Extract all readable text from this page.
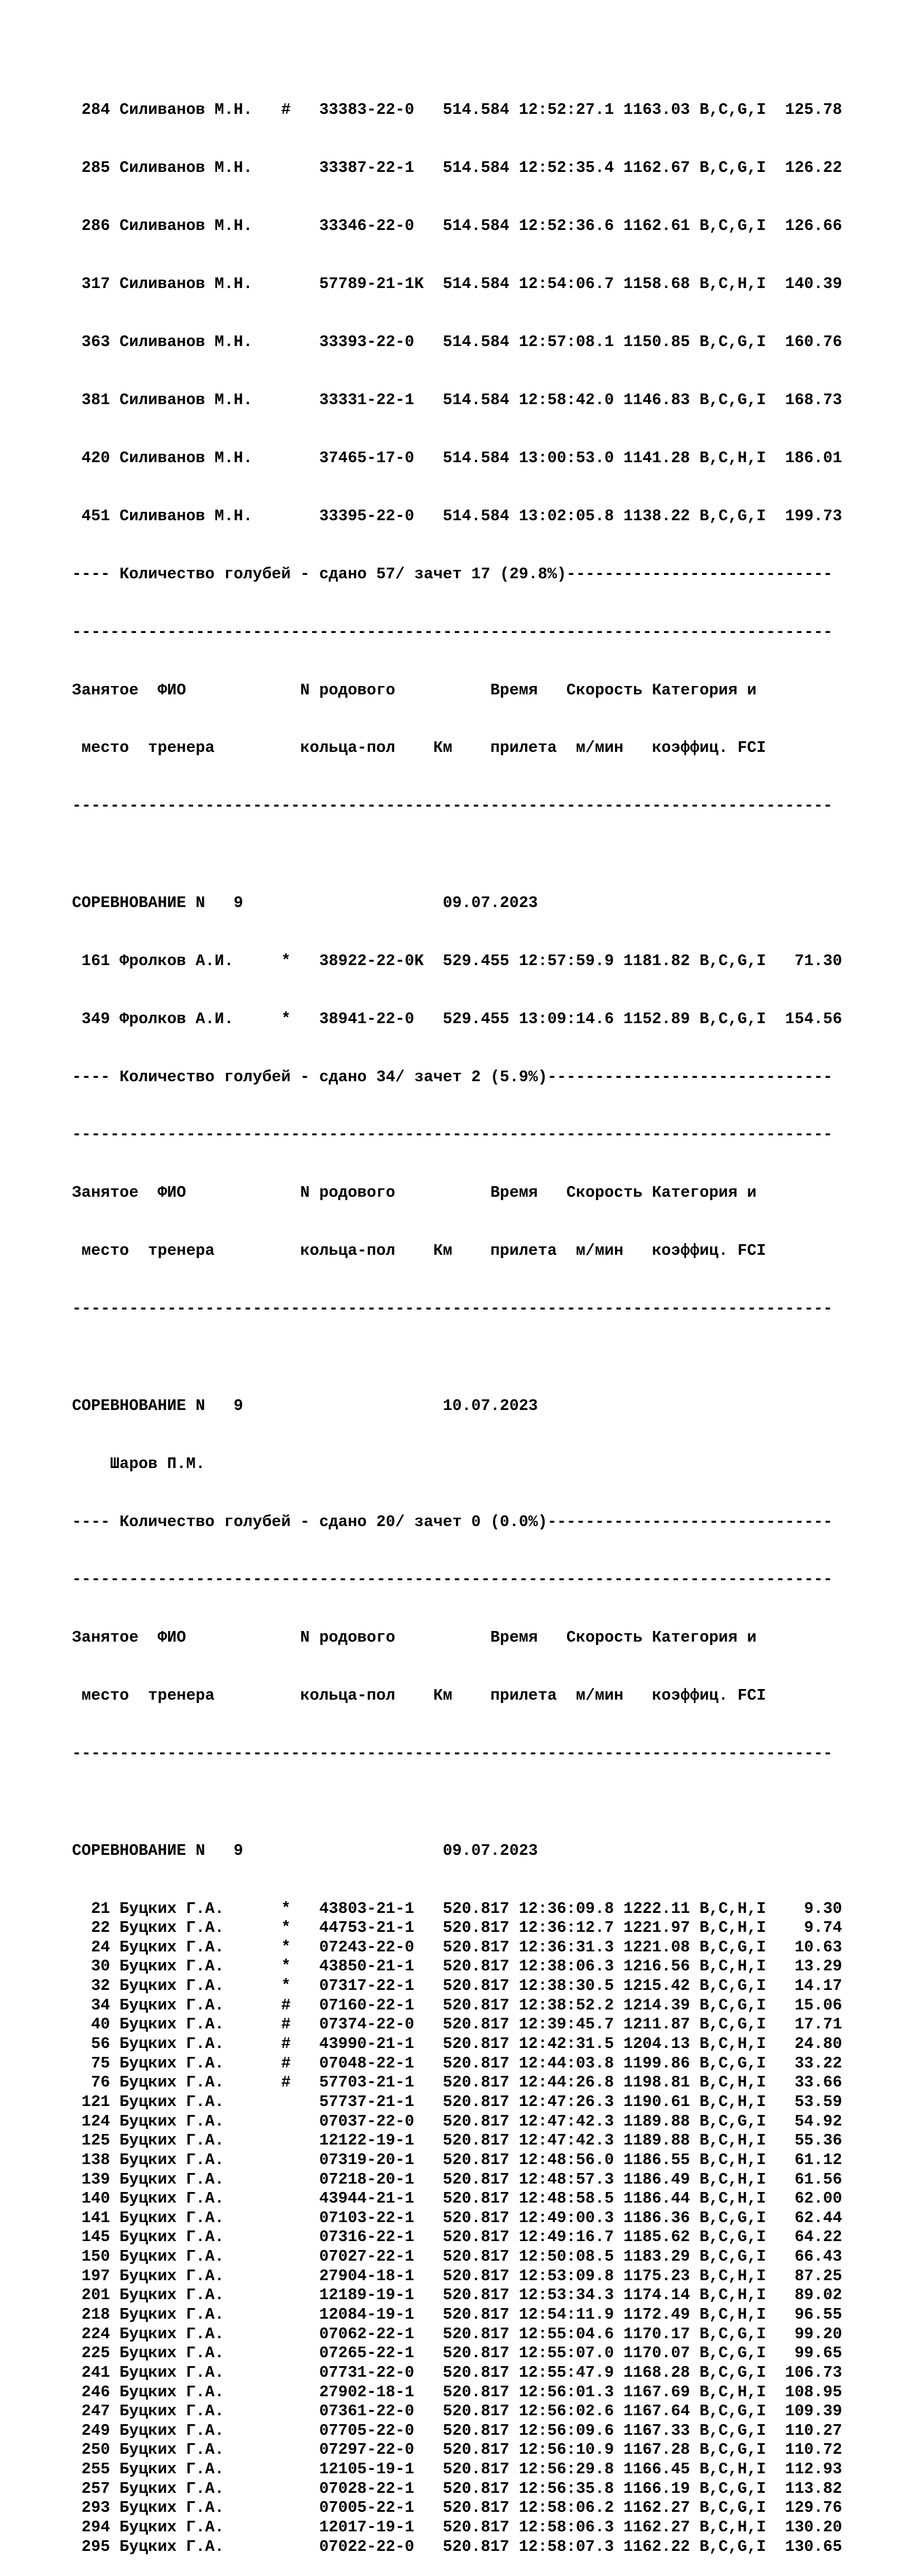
284 Силиванов М.Н.   #   33383-22-0   514.584 12:52:27.1 1163.03 B,C,G,I  125.78

285 Силиванов М.Н.       33387-22-1   514.584 12:52:35.4 1162.67 B,C,G,I  126.22

286 Силиванов М.Н.       33346-22-0   514.584 12:52:36.6 1162.61 B,C,G,I  126.66

317 Силиванов М.Н.       57789-21-1K  514.584 12:54:06.7 1158.68 B,C,H,I  140.39

363 Силиванов М.Н.       33393-22-0   514.584 12:57:08.1 1150.85 B,C,G,I  160.76

381 Силиванов М.Н.       33331-22-1   514.584 12:58:42.0 1146.83 B,C,G,I  168.73

420 Силиванов М.Н.       37465-17-0   514.584 13:00:53.0 1141.28 B,C,H,I  186.01

451 Силиванов М.Н.       33395-22-0   514.584 13:02:05.8 1138.22 B,C,G,I  199.73

---- Количество голубей - сдано 57/ зачет 17 (29.8%)----------------------------

--------------------------------------------------------------------------------

Занятое  ФИО            N родового          Время   Скорость Категория и

место  тренера         кольца-пол    Км    прилета  м/мин   коэффиц. FCI

--------------------------------------------------------------------------------

СОРЕВНОВАНИЕ N   9                     09.07.2023

161 Фролков А.И.     *   38922-22-0K  529.455 12:57:59.9 1181.82 B,C,G,I   71.30

349 Фролков А.И.     *   38941-22-0   529.455 13:09:14.6 1152.89 B,C,G,I  154.56

---- Количество голубей - сдано 34/ зачет 2 (5.9%)------------------------------

--------------------------------------------------------------------------------

Занятое  ФИО            N родового          Время   Скорость Категория и

место  тренера         кольца-пол    Км    прилета  м/мин   коэффиц. FCI

--------------------------------------------------------------------------------

СОРЕВНОВАНИЕ N   9                     10.07.2023

Шаров П.М.

---- Количество голубей - сдано 20/ зачет 0 (0.0%)------------------------------

--------------------------------------------------------------------------------

Занятое  ФИО            N родового          Время   Скорость Категория и

место  тренера         кольца-пол    Км    прилета  м/мин   коэффиц. FCI

--------------------------------------------------------------------------------

СОРЕВНОВАНИЕ N   9                     09.07.2023

21 Буцких Г.А.      *   43803-21-1   520.817 12:36:09.8 1222.11 B,C,H,I    9.30
22 Буцких Г.А.      *   44753-21-1   520.817 12:36:12.7 1221.97 B,C,H,I    9.74
24 Буцких Г.А.      *   07243-22-0   520.817 12:36:31.3 1221.08 B,C,G,I   10.63
30 Буцких Г.А.      *   43850-21-1   520.817 12:38:06.3 1216.56 B,C,H,I   13.29
32 Буцких Г.А.      *   07317-22-1   520.817 12:38:30.5 1215.42 B,C,G,I   14.17
34 Буцких Г.А.      #   07160-22-1   520.817 12:38:52.2 1214.39 B,C,G,I   15.06
40 Буцких Г.А.      #   07374-22-0   520.817 12:39:45.7 1211.87 B,C,G,I   17.71
56 Буцких Г.А.      #   43990-21-1   520.817 12:42:31.5 1204.13 B,C,H,I   24.80
75 Буцких Г.А.      #   07048-22-1   520.817 12:44:03.8 1199.86 B,C,G,I   33.22
76 Буцких Г.А.      #   57703-21-1   520.817 12:44:26.8 1198.81 B,C,H,I   33.66
121 Буцких Г.А.          57737-21-1   520.817 12:47:26.3 1190.61 B,C,H,I   53.59
124 Буцких Г.А.          07037-22-0   520.817 12:47:42.3 1189.88 B,C,G,I   54.92
125 Буцких Г.А.          12122-19-1   520.817 12:47:42.3 1189.88 B,C,H,I   55.36
138 Буцких Г.А.          07319-20-1   520.817 12:48:56.0 1186.55 B,C,H,I   61.12
139 Буцких Г.А.          07218-20-1   520.817 12:48:57.3 1186.49 B,C,H,I   61.56
140 Буцких Г.А.          43944-21-1   520.817 12:48:58.5 1186.44 B,C,H,I   62.00
141 Буцких Г.А.          07103-22-1   520.817 12:49:00.3 1186.36 B,C,G,I   62.44
145 Буцких Г.А.          07316-22-1   520.817 12:49:16.7 1185.62 B,C,G,I   64.22
150 Буцких Г.А.          07027-22-1   520.817 12:50:08.5 1183.29 B,C,G,I   66.43
197 Буцких Г.А.          27904-18-1   520.817 12:53:09.8 1175.23 B,C,H,I   87.25
201 Буцких Г.А.          12189-19-1   520.817 12:53:34.3 1174.14 B,C,H,I   89.02
218 Буцких Г.А.          12084-19-1   520.817 12:54:11.9 1172.49 B,C,H,I   96.55
224 Буцких Г.А.          07062-22-1   520.817 12:55:04.6 1170.17 B,C,G,I   99.20
225 Буцких Г.А.          07265-22-1   520.817 12:55:07.0 1170.07 B,C,G,I   99.65
241 Буцких Г.А.          07731-22-0   520.817 12:55:47.9 1168.28 B,C,G,I  106.73
246 Буцких Г.А.          27902-18-1   520.817 12:56:01.3 1167.69 B,C,H,I  108.95
247 Буцких Г.А.          07361-22-0   520.817 12:56:02.6 1167.64 B,C,G,I  109.39
249 Буцких Г.А.          07705-22-0   520.817 12:56:09.6 1167.33 B,C,G,I  110.27
250 Буцких Г.А.          07297-22-0   520.817 12:56:10.9 1167.28 B,C,G,I  110.72
255 Буцких Г.А.          12105-19-1   520.817 12:56:29.8 1166.45 B,C,H,I  112.93
257 Буцких Г.А.          07028-22-1   520.817 12:56:35.8 1166.19 B,C,G,I  113.82
293 Буцких Г.А.          07005-22-1   520.817 12:58:06.2 1162.27 B,C,G,I  129.76
294 Буцких Г.А.          12017-19-1   520.817 12:58:06.3 1162.27 B,C,H,I  130.20
295 Буцких Г.А.          07022-22-0   520.817 12:58:07.3 1162.22 B,C,G,I  130.65
